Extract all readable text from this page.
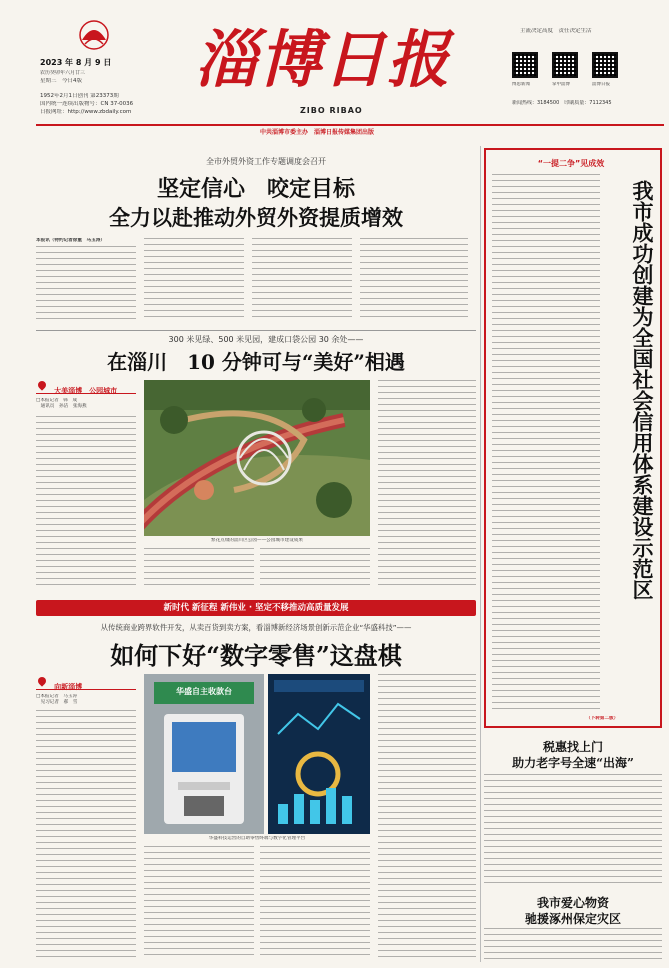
2023 年 8 月 9 日
农历癸卯年六月廿三
星期三　今日4版
1952年2月1日创刊 第23373期
国内统一连续出版物号：CN 37-0036
日报网址：http://www.zbdaily.com
淄博日报
ZIBO RIBAO
主流决定高度　责任决定生活
博思新闻	掌中淄博	淄博日报
新闻热线：3184500　印刷质量：7112345
中共淄博市委主办　淄博日报传媒集团出版
全市外贸外资工作专题调度会召开
坚定信心　咬定目标
全力以赴推动外贸外资提质增效
本报讯（特约记者徐重　马玉涛）
300 米见绿、500 米见园，建成口袋公园 30 余处——
在淄川　10 分钟可与“美好”相遇
大美淄博　公园城市
□本报记者　韩　成
　通讯员　孙洁　张海燕
繁花点缀的淄川区公园——公园城市建设成果
新时代 新征程 新伟业 · 坚定不移推动高质量发展
从传统商业跨界软件开发，从卖百货到卖方案，看淄博新经济场景创新示范企业“华盛科技”——
如何下好“数字零售”这盘棋
向新淄博
□本报记者　马玉涛
　见习记者　郝　雪
华盛自主收款台
华盛科技运营的自助零售终端与数字化管理平台
“一提二争”见成效
我市成功创建为全国社会信用体系建设示范区
（下转第二版）
税惠找上门
助力老字号全速“出海”
我市爱心物资
驰援涿州保定灾区
